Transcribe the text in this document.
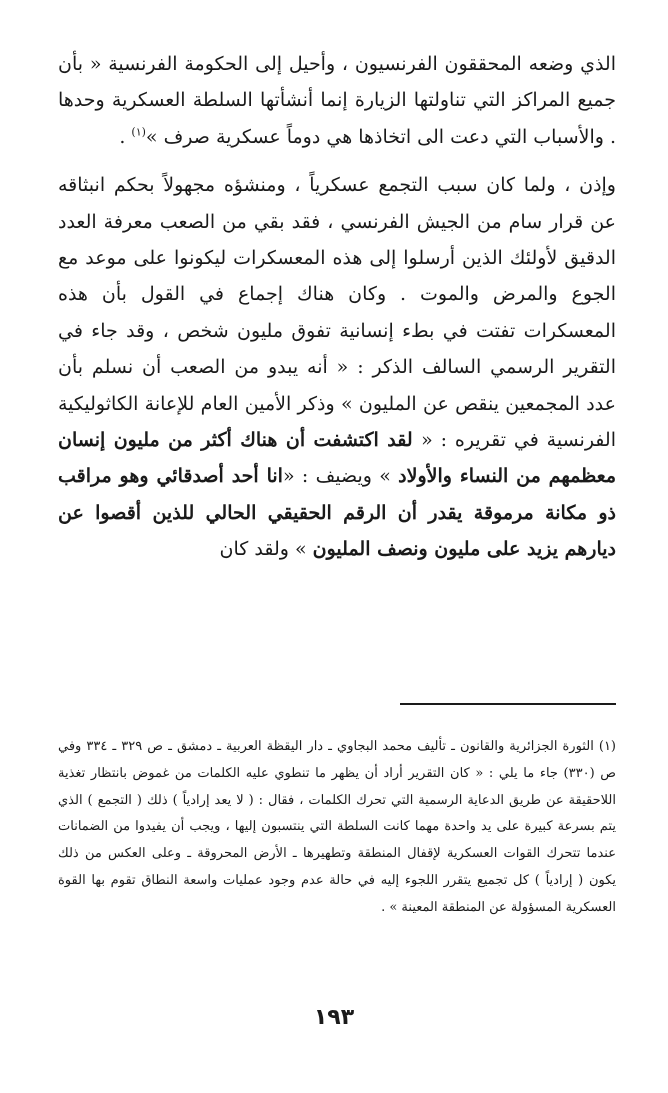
الذي وضعه المحققون الفرنسيون ، وأحيل إلى الحكومة الفرنسية « بأن جميع المراكز التي تناولتها الزيارة إنما أنشأتها السلطة العسكرية وحدها . والأسباب التي دعت الى اتخاذها هي دوماً عسكرية صرف »$^{(١)}$ .

وإذن ، ولما كان سبب التجمع عسكرياً ، ومنشؤه مجهولاً بحكم انبثاقه عن قرار سام من الجيش الفرنسي ، فقد بقي من الصعب معرفة العدد الدقيق لأولئك الذين أرسلوا إلى هذه المعسكرات ليكونوا على موعد مع الجوع والمرض والموت . وكان هناك إجماع في القول بأن هذه المعسكرات تفتت في بطء إنسانية تفوق مليون شخص ، وقد جاء في التقرير الرسمي السالف الذكر : « أنه يبدو من الصعب أن نسلم بأن عدد المجمعين ينقص عن المليون » وذكر الأمين العام للإعانة الكاثوليكية الفرنسية في تقريره : « لقد اكتشفت أن هناك أكثر من مليون إنسان معظمهم من النساء والأولاد » ويضيف : «انا أحد أصدقائي وهو مراقب ذو مكانة مرموقة يقدر أن الرقم الحقيقي الحالي للذين أقصوا عن ديارهم يزيد على مليون ونصف المليون » ولقد كان

(١) الثورة الجزائرية والقانون ـ تأليف محمد البجاوي ـ دار اليقظة العربية ـ دمشق ـ ص ٣٢٩ ـ ٣٣٤ وفي ص (٣٣٠) جاء ما يلي : « كان التقرير أراد أن يظهر ما تنطوي عليه الكلمات من غموض بانتظار تغذية اللاحقيقة عن طريق الدعاية الرسمية التي تحرك الكلمات ، فقال : ( لا يعد إرادياً ) ذلك ( التجمع ) الذي يتم بسرعة كبيرة على يد واحدة مهما كانت السلطة التي ينتسبون إليها ، ويجب أن يفيدوا من الضمانات عندما تتحرك القوات العسكرية لإقفال المنطقة وتطهيرها ـ الأرض المحروقة ـ وعلى العكس من ذلك يكون ( إرادياً ) كل تجميع يتقرر اللجوء إليه في حالة عدم وجود عمليات واسعة النطاق تقوم بها القوة العسكرية المسؤولة عن المنطقة المعينة » .

١٩٣
